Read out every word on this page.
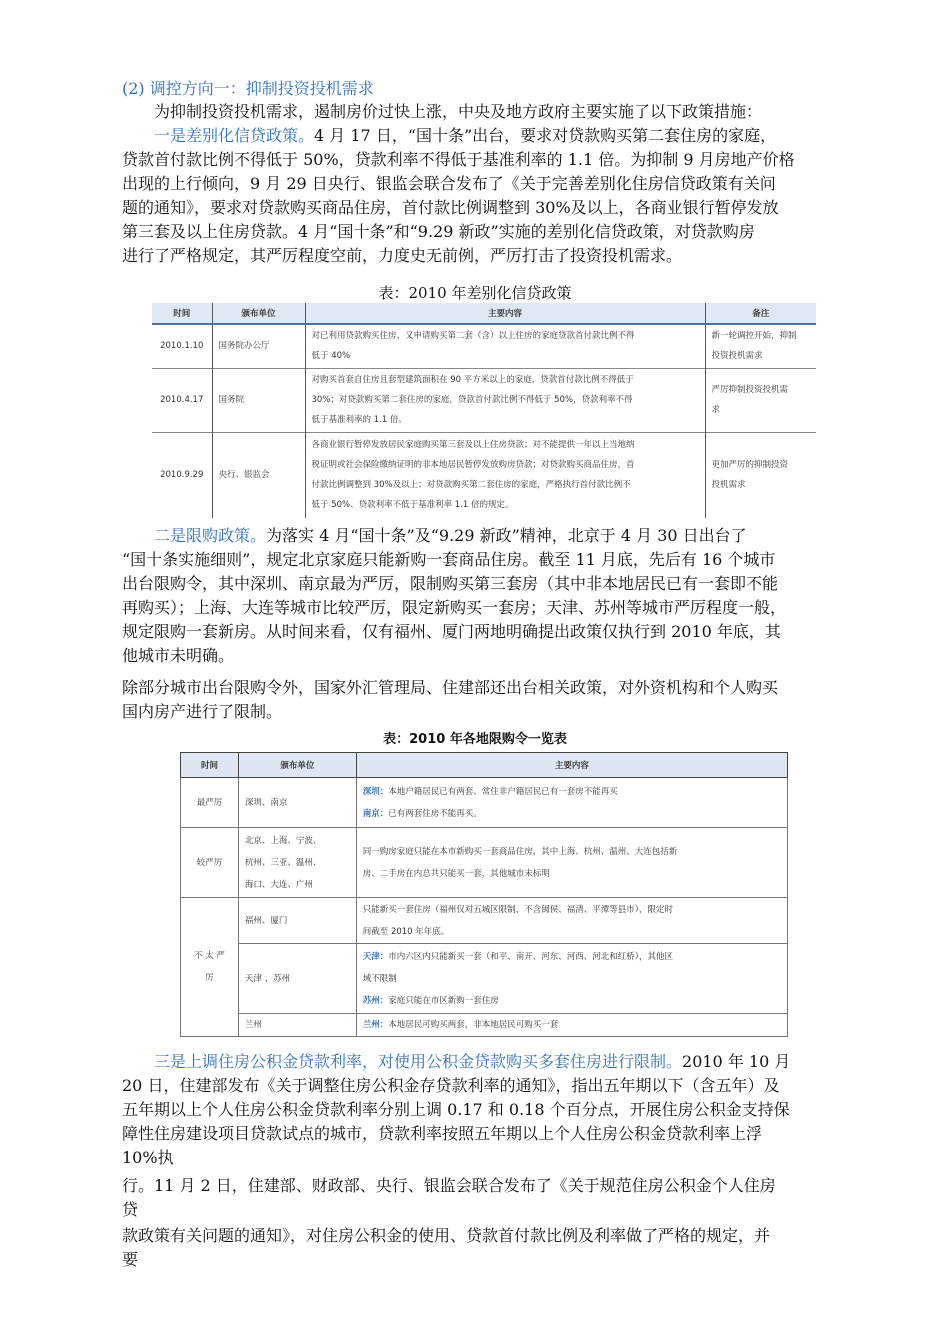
(2) 调控方向一：抑制投资投机需求
为抑制投资投机需求，遏制房价过快上涨，中央及地方政府主要实施了以下政策措施：
一是差别化信贷政策。4 月 17 日，“国十条”出台，要求对贷款购买第二套住房的家庭，
贷款首付款比例不得低于 50%，贷款利率不得低于基准利率的 1.1 倍。为抑制 9 月房地产价格
出现的上行倾向，9 月 29 日央行、银监会联合发布了《关于完善差别化住房信贷政策有关问
题的通知》，要求对贷款购买商品住房，首付款比例调整到 30%及以上，各商业银行暂停发放
第三套及以上住房贷款。4 月“国十条”和“9.29 新政”实施的差别化信贷政策，对贷款购房
进行了严格规定，其严厉程度空前，力度史无前例，严厉打击了投资投机需求。
表：2010 年差别化信贷政策
时间	颁布单位	主要内容	备注
2010.1.10	国务院办公厅	对已利用贷款购买住房、又申请购买第二套（含）以上住房的家庭贷款首付款比例不得
低于 40%	新一轮调控开始，抑制
投资投机需求
2010.4.17	国务院	对购买首套自住房且套型建筑面积在 90 平方米以上的家庭，贷款首付款比例不得低于
30%；对贷款购买第二套住房的家庭，贷款首付款比例不得低于 50%，贷款利率不得
低于基准利率的 1.1 倍。	严厉抑制投资投机需
求
2010.9.29	央行、银监会	各商业银行暂停发放居民家庭购买第三套及以上住房贷款；对不能提供一年以上当地纳
税证明或社会保险缴纳证明的非本地居民暂停发放购房贷款；对贷款购买商品住房，首
付款比例调整到 30%及以上；对贷款购买第二套住房的家庭，严格执行首付款比例不
低于 50%、贷款利率不低于基准利率 1.1 倍的规定。	更加严厉的抑制投资
投机需求
二是限购政策。为落实 4 月“国十条”及“9.29 新政”精神，北京于 4 月 30 日出台了
“国十条实施细则”，规定北京家庭只能新购一套商品住房。截至 11 月底，先后有 16 个城市
出台限购令，其中深圳、南京最为严厉，限制购买第三套房（其中非本地居民已有一套即不能
再购买）；上海、大连等城市比较严厉，限定新购买一套房；天津、苏州等城市严厉程度一般，
规定限购一套新房。从时间来看，仅有福州、厦门两地明确提出政策仅执行到 2010 年底，其
他城市未明确。
除部分城市出台限购令外，国家外汇管理局、住建部还出台相关政策，对外资机构和个人购买
国内房产进行了限制。
表：2010 年各地限购令一览表
时间	颁布单位	主要内容
最严厉	深圳、南京	深圳：本地户籍居民已有两套、常住非户籍居民已有一套房不能再买
南京：已有两套住房不能再买。

较严厉	北京、上海、宁波、
杭州、三亚、温州、
海口、大连、广州	同一购房家庭只能在本市新购买一套商品住房，其中上海、杭州、温州、大连包括新
房、二手房在内总共只能买一套，其他城市未标明
不 太 严
厉	福州、厦门	只能新买一套住房（福州仅对五城区限制，不含闽侯、福清、平潭等县市），限定时
间截至 2010 年年底。
	天津 、苏州	天津：市内六区内只能新买一套（和平、南开、河东、河西、河北和红桥），其他区
域不限制
苏州：家庭只能在市区新购一套住房

	兰州	兰州：本地居民可购买两套，非本地居民可购买一套
三是上调住房公积金贷款利率，对使用公积金贷款购买多套住房进行限制。2010 年 10 月
20 日，住建部发布《关于调整住房公积金存贷款利率的通知》，指出五年期以下（含五年）及
五年期以上个人住房公积金贷款利率分别上调 0.17 和 0.18 个百分点，开展住房公积金支持保
障性住房建设项目贷款试点的城市，贷款利率按照五年期以上个人住房公积金贷款利率上浮
10%执
行。11 月 2 日，住建部、财政部、央行、银监会联合发布了《关于规范住房公积金个人住房
贷
款政策有关问题的通知》，对住房公积金的使用、贷款首付款比例及利率做了严格的规定，并
要
